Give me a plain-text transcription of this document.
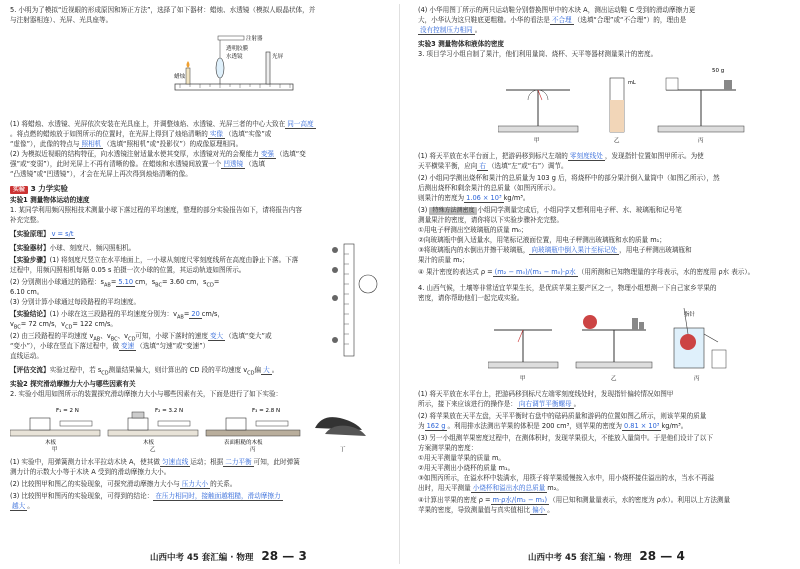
5. 小明为了模拟“近视眼的形成原因和矫正方法”，选择了如下器材：蜡烛、水透镜（模拟人眼晶状体，并
与注射器相连）、光屏、光具座等。
注射器
透明胶膜
水透镜
蜡烛
光屏
(1) 将蜡烛、水透镜、光屏依次安装在光具座上，并调整烛焰、水透镜、光屏三者的中心大致在 同一高度
。将点燃的蜡烛放于如图所示的位置时，在光屏上得到了烛焰清晰的 实像 （选填“实像”或
“虚像”），此像的特点与 照相机 （选填“照相机”或“投影仪”）的成像原理相同。
(2) 为模拟近视眼的结构特征，向水透镜注射适量水使其变厚，水透镜对光的会聚能力 变强 （选填“变
强”或“变弱”），此时光屏上不再有清晰的像。在蜡烛和水透镜间放置一个 凹透镜 （选填
“凸透镜”或“凹透镜”），才会在光屏上再次得到烛焰清晰的像。
实验 3 力学实验
实验1 测量物体运动的速度
1. 某同学利用频闪照相技术测量小球下落过程的平均速度，整理的部分实验报告如下，请将报告内容
补充完整。
【实验原理】 v = s/t
【实验器材】小球、刻度尺、频闪照相机。
【实验步骤】(1) 将刻度尺竖立在水平地面上，一小球从刻度尺零刻度线所在高度由静止下落。下落
过程中，用频闪照相机每隔 0.05 s 拍摄一次小球的位置，其运动轨迹如图所示。
(2) 分别测出小球通过的路程：$s_{AB}= 5.10$ cm，$s_{BC}= 3.60$ cm，$s_{CD}=$
6.10 cm。
(3) 分别计算小球通过每段路程的平均速度。
【实验结论】(1) 小球在这三段路程的平均速度分别为：$v_{AB}= 20$ cm/s，
$v_{BC}= 72$ cm/s，$v_{CD}= 122$ cm/s。
(2) 由三段路程的平均速度 $v_{AB}$、$v_{BC}$、$v_{CD}$可知，小球下落时的速度 变大 （选填“变大”或
“变小”），小球在竖直下落过程中，做 变速 （选填“匀速”或“变速”）
直线运动。
【评估交流】实验过程中，若 $s_{CD}$测量结果偏大，则计算出的 CD 段的平均速度 $v_{CD}$偏 大 。
实验2 探究滑动摩擦力大小与哪些因素有关
2. 实验小组用如图所示的装置探究滑动摩擦力大小与哪些因素有关，下面是进行了如下实验：
F₁ = 2 N
木板
甲
F₂ = 3.2 N
木板
乙
F₃ = 2.8 N
表面粗糙的木板
丙	丁
(1) 实验中，用弹簧测力计水平拉动木块 A，使其做 匀速直线 运动；根据 二力平衡 可知，此时弹簧
测力计的示数大小等于木块 A 受到的滑动摩擦力大小。
(2) 比较图甲和图乙的实验现象，可探究滑动摩擦力大小与 压力大小 的关系。
(3) 比较图甲和图丙的实验现象，可得到的结论： 在压力相同时，接触面越粗糙，滑动摩擦力
越大 。
山西中考 45 套汇编 · 物理 28 — 3
(4) 小华用图丁所示的两只运动鞋分别替换图甲中的木块 A，测出运动鞋 C 受到的滑动摩擦力更
大，小华认为这只鞋底更粗糙。小华的看法是 不合理 （选填“合理”或“不合理”）的，理由是
没有控制压力相同 。
实验3 测量物体和液体的密度
3. 项目学习小组自制了果汁，他们利用量筒、烧杯、天平等器材测量果汁的密度。
甲
mL
乙
50 g
丙
(1) 将天平放在水平台面上，把游码移到标尺左端的 零刻度线处 ，发现指针位置如图甲所示。为使
天平横梁平衡，应向 右 （选填“左”或“右”）调节。
(2) 小组同学测出烧杯和果汁的总质量为 103 g 后，将烧杯中的部分果汁倒入量筒中（如图乙所示），然
后测出烧杯和剩余果汁的总质量（如图丙所示）。
则果汁的密度为 1.06 × 10³ kg/m³。
(3) 特殊方法测密度 小组同学测量完成后，小组同学又想利用电子秤、水、玻璃瓶和记号笔
测量果汁的密度，请你将以下实验步骤补充完整。
①用电子秤测出空玻璃瓶的质量 m₀；
②向玻璃瓶中倒入适量水，用笔标记液面位置，用电子秤测出玻璃瓶和水的质量 m₁；
③将玻璃瓶内的水倒出并擦干玻璃瓶， 向玻璃瓶中倒入果汁至标记处 ，用电子秤测出玻璃瓶和
果汁的质量 m₂；
④ 果汁密度的表达式 ρ = (m₂ − m₀)/(m₁ − m₀)·ρ水 （用所测和已知物理量的字母表示，水的密度用 ρ水 表示）。
4. 山西气候，土壤等非常适宜苹果生长，是优质苹果主要产区之一，物理小组想测一下自己家乡苹果的
密度，请你帮助他们一起完成实验。
甲	乙
指针
丙
(1) 将天平放在水平台上，把游码移到标尺左端零刻度线处时，发现指针偏转情况如图甲
所示，接下来应该进行的操作是： 向右调节平衡螺母 。
(2) 将苹果放在天平左盘，天平平衡时右盘中的砝码质量和游码的位置如图乙所示，则该苹果的质量
为 162 g 。利用排水法测出苹果的体积是 200 cm³，则苹果的密度为 0.81 × 10³ kg/m³。
(3) 另一小组测苹果密度过程中，在测体积时，发现苹果很大，不能放入量筒中。于是他们设计了以下
方案测苹果的密度：
①用天平测量苹果的质量 m。
②用天平测出小烧杯的质量 m₁。
③如图丙所示，在溢水杯中装满水，用筷子将苹果缓慢按入水中，用小烧杯接住溢出的水，当水不再溢
出时，用天平测量 小烧杯和溢出水的总质量 m₂。
④计算出苹果的密度 ρ = m·ρ水/(m₂ − m₁) （用已知和测量量表示，水的密度为 ρ水）。利用以上方法测量
苹果的密度，导致测量值与真实值相比 偏小 。
山西中考 45 套汇编 · 物理 28 — 4
